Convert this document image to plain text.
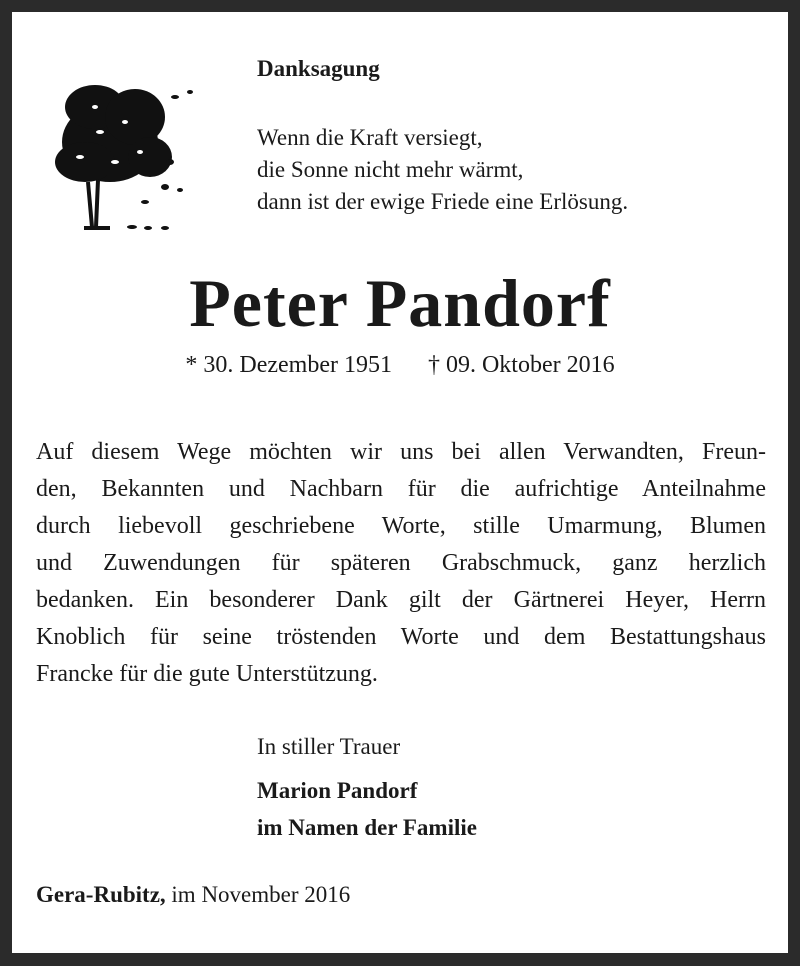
Danksagung
Wenn die Kraft versiegt,
die Sonne nicht mehr wärmt,
dann ist der ewige Friede eine Erlösung.
Peter Pandorf
* 30. Dezember 1951 † 09. Oktober 2016
Auf diesem Wege möchten wir uns bei allen Verwandten, Freun-
den, Bekannten und Nachbarn für die aufrichtige Anteilnahme
durch liebevoll geschriebene Worte, stille Umarmung, Blumen
und Zuwendungen für späteren Grabschmuck, ganz herzlich
bedanken. Ein besonderer Dank gilt der Gärtnerei Heyer, Herrn
Knoblich für seine tröstenden Worte und dem Bestattungshaus
Francke für die gute Unterstützung.
In stiller Trauer
Marion Pandorf
im Namen der Familie
Gera-Rubitz, im November 2016
